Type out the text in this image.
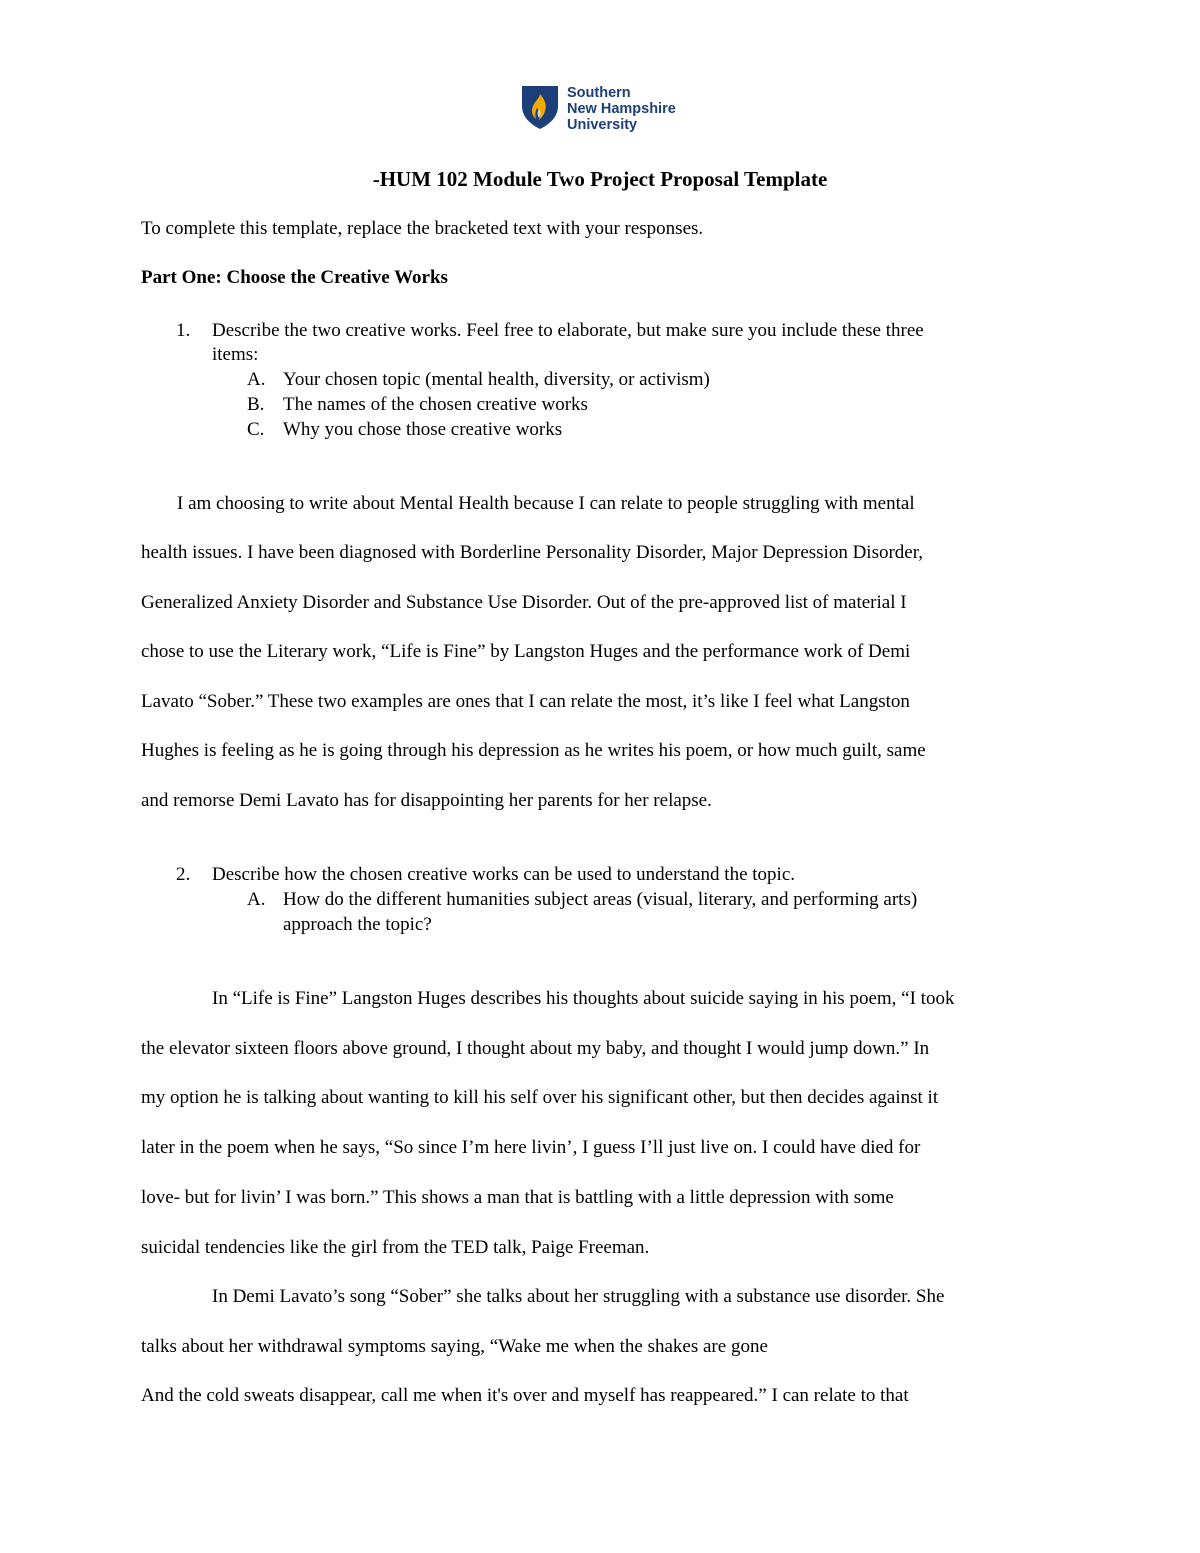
Southern
New Hampshire
University
-HUM 102 Module Two Project Proposal Template
To complete this template, replace the bracketed text with your responses.
Part One: Choose the Creative Works
1. Describe the two creative works. Feel free to elaborate, but make sure you include these three
items:
A. Your chosen topic (mental health, diversity, or activism)
B. The names of the chosen creative works
C. Why you chose those creative works
I am choosing to write about Mental Health because I can relate to people struggling with mental
health issues. I have been diagnosed with Borderline Personality Disorder, Major Depression Disorder,
Generalized Anxiety Disorder and Substance Use Disorder. Out of the pre-approved list of material I
chose to use the Literary work, “Life is Fine” by Langston Huges and the performance work of Demi
Lavato “Sober.” These two examples are ones that I can relate the most, it’s like I feel what Langston
Hughes is feeling as he is going through his depression as he writes his poem, or how much guilt, same
and remorse Demi Lavato has for disappointing her parents for her relapse.
2. Describe how the chosen creative works can be used to understand the topic.
A. How do the different humanities subject areas (visual, literary, and performing arts)
approach the topic?
In “Life is Fine” Langston Huges describes his thoughts about suicide saying in his poem, “I took
the elevator sixteen floors above ground, I thought about my baby, and thought I would jump down.” In
my option he is talking about wanting to kill his self over his significant other, but then decides against it
later in the poem when he says, “So since I’m here livin’, I guess I’ll just live on. I could have died for
love- but for livin’ I was born.” This shows a man that is battling with a little depression with some
suicidal tendencies like the girl from the TED talk, Paige Freeman.
In Demi Lavato’s song “Sober” she talks about her struggling with a substance use disorder. She
talks about her withdrawal symptoms saying, “Wake me when the shakes are gone
And the cold sweats disappear, call me when it's over and myself has reappeared.” I can relate to that
